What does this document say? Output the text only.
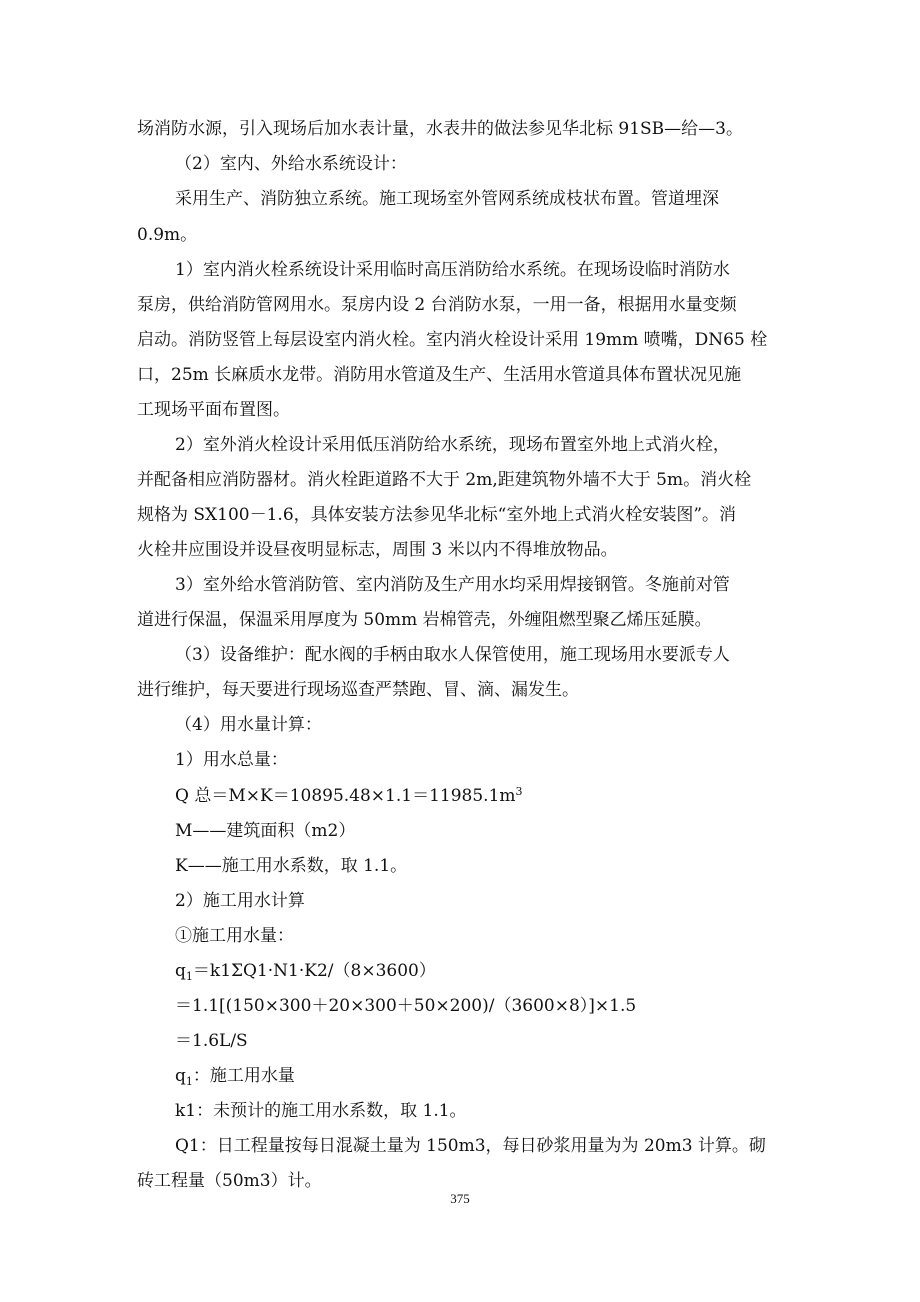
场消防水源，引入现场后加水表计量，水表井的做法参见华北标 91SB—给—3。
（2）室内、外给水系统设计：
采用生产、消防独立系统。施工现场室外管网系统成枝状布置。管道埋深
0.9m。
1）室内消火栓系统设计采用临时高压消防给水系统。在现场设临时消防水
泵房，供给消防管网用水。泵房内设 2 台消防水泵，一用一备，根据用水量变频
启动。消防竖管上每层设室内消火栓。室内消火栓设计采用 19mm 喷嘴，DN65 栓
口，25m 长麻质水龙带。消防用水管道及生产、生活用水管道具体布置状况见施
工现场平面布置图。
2）室外消火栓设计采用低压消防给水系统，现场布置室外地上式消火栓，
并配备相应消防器材。消火栓距道路不大于 2m,距建筑物外墙不大于 5m。消火栓
规格为 SX100－1.6，具体安装方法参见华北标“室外地上式消火栓安装图”。消
火栓井应围设并设昼夜明显标志，周围 3 米以内不得堆放物品。
3）室外给水管消防管、室内消防及生产用水均采用焊接钢管。冬施前对管
道进行保温，保温采用厚度为 50mm 岩棉管壳，外缠阻燃型聚乙烯压延膜。
（3）设备维护：配水阀的手柄由取水人保管使用，施工现场用水要派专人
进行维护，每天要进行现场巡查严禁跑、冒、滴、漏发生。
（4）用水量计算：
1）用水总量：
Q 总$=M\times K=10895.48\times 1.1=11985.1m^3$
M——建筑面积（m2）
K——施工用水系数，取 1.1。
2）施工用水计算
①施工用水量：
$q_1=k1\Sigma Q1\cdot N1\cdot K2/(8\times 3600)$
＝1.1[(150×300＋20×300＋50×200)/（3600×8）]×1.5
＝1.6L/S
$q_1$：施工用水量
k1：未预计的施工用水系数，取 1.1。
Q1：日工程量按每日混凝土量为 150m3，每日砂浆用量为为 20m3 计算。砌
砖工程量（50m3）计。
375
